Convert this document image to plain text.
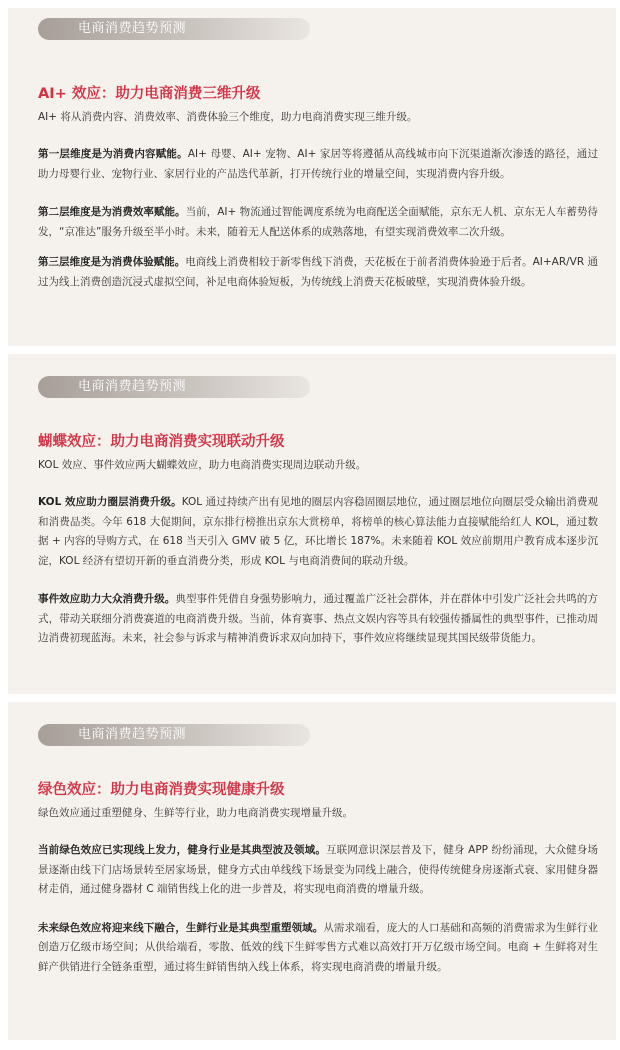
电商消费趋势预测
AI+ 效应：助力电商消费三维升级

AI+ 将从消费内容、消费效率、消费体验三个维度，助力电商消费实现三维升级。

第一层维度是为消费内容赋能。AI+ 母婴、AI+ 宠物、AI+ 家居等将遵循从高线城市向下沉渠道渐次渗透的路径，通过助力母婴行业、宠物行业、家居行业的产品迭代革新，打开传统行业的增量空间，实现消费内容升级。

第二层维度是为消费效率赋能。当前，AI+ 物流通过智能调度系统为电商配送全面赋能，京东无人机、京东无人车蓄势待发，“京准达”服务升级至半小时。未来，随着无人配送体系的成熟落地，有望实现消费效率二次升级。

第三层维度是为消费体验赋能。电商线上消费相较于新零售线下消费，天花板在于前者消费体验逊于后者。AI+AR/VR 通过为线上消费创造沉浸式虚拟空间，补足电商体验短板，为传统线上消费天花板破壁，实现消费体验升级。

电商消费趋势预测
蝴蝶效应：助力电商消费实现联动升级

KOL 效应、事件效应两大蝴蝶效应，助力电商消费实现周边联动升级。

KOL 效应助力圈层消费升级。KOL 通过持续产出有见地的圈层内容稳固圈层地位，通过圈层地位向圈层受众输出消费观和消费品类。今年 618 大促期间，京东排行榜推出京东大赏榜单，将榜单的核心算法能力直接赋能给红人 KOL，通过数据 + 内容的导购方式，在 618 当天引入 GMV 破 5 亿，环比增长 187%。未来随着 KOL 效应前期用户教育成本逐步沉淀，KOL 经济有望切开新的垂直消费分类，形成 KOL 与电商消费间的联动升级。

事件效应助力大众消费升级。典型事件凭借自身强势影响力，通过覆盖广泛社会群体，并在群体中引发广泛社会共鸣的方式，带动关联细分消费赛道的电商消费升级。当前，体育赛事、热点文娱内容等具有较强传播属性的典型事件，已推动周边消费初现蓝海。未来，社会参与诉求与精神消费诉求双向加持下，事件效应将继续显现其国民级带货能力。

电商消费趋势预测
绿色效应：助力电商消费实现健康升级

绿色效应通过重塑健身、生鲜等行业，助力电商消费实现增量升级。

当前绿色效应已实现线上发力，健身行业是其典型波及领域。互联网意识深层普及下，健身 APP 纷纷涌现，大众健身场景逐渐由线下门店场景转至居家场景，健身方式由单线线下场景变为同线上融合，使得传统健身房逐渐式衰、家用健身器材走俏，通过健身器材 C 端销售线上化的进一步普及，将实现电商消费的增量升级。

未来绿色效应将迎来线下融合，生鲜行业是其典型重塑领域。从需求端看，庞大的人口基础和高频的消费需求为生鲜行业创造万亿级市场空间；从供给端看，零散、低效的线下生鲜零售方式难以高效打开万亿级市场空间。电商 + 生鲜将对生鲜产供销进行全链条重塑，通过将生鲜销售纳入线上体系，将实现电商消费的增量升级。
